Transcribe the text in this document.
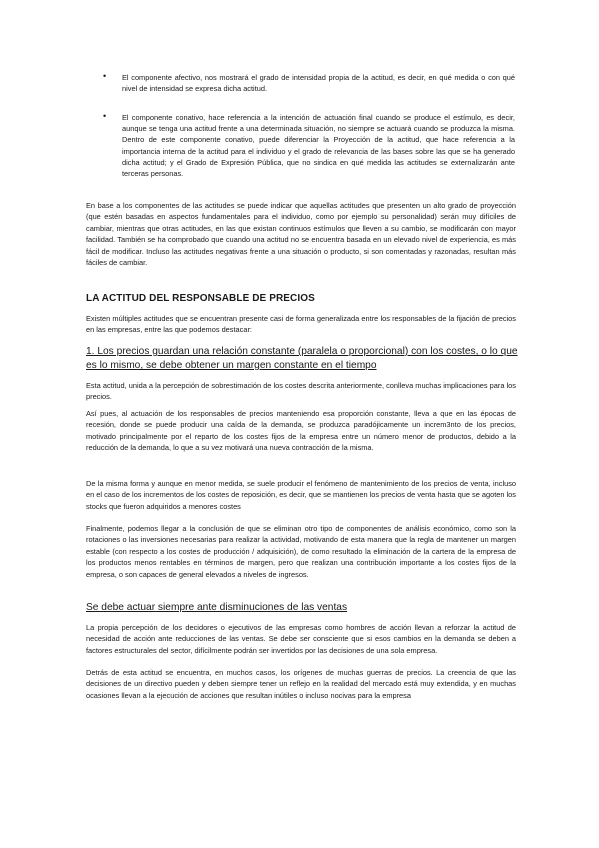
• El componente afectivo, nos mostrará el grado de intensidad propia de la actitud, es decir, en qué medida o con qué nivel de intensidad se expresa dicha actitud.
• El componente conativo, hace referencia a la intención de actuación final cuando se produce el estímulo, es decir, aunque se tenga una actitud frente a una determinada situación, no siempre se actuará cuando se produzca la misma. Dentro de este componente conativo, puede diferenciar la Proyección de la actitud, que hace referencia a la importancia interna de la actitud para el individuo y el grado de relevancia de las bases sobre las que se ha generado dicha actitud; y el Grado de Expresión Pública, que no sindica en qué medida las actitudes se externalizarán ante terceras personas.

En base a los componentes de las actitudes se puede indicar que aquellas actitudes que presenten un alto grado de proyección (que estén basadas en aspectos fundamentales para el individuo, como por ejemplo su personalidad) serán muy difíciles de cambiar, mientras que otras actitudes, en las que existan continuos estímulos que lleven a su cambio, se modificarán con mayor facilidad. También se ha comprobado que cuando una actitud no se encuentra basada en un elevado nivel de experiencia, es más fácil de modificar. Incluso las actitudes negativas frente a una situación o producto, si son comentadas y razonadas, resultan más fáciles de cambiar.

LA ACTITUD DEL RESPONSABLE DE PRECIOS

Existen múltiples actitudes que se encuentran presente casi de forma generalizada entre los responsables de la fijación de precios en las empresas, entre las que podemos destacar:

1. Los precios guardan una relación constante (paralela o proporcional) con los costes, o lo que es lo mismo, se debe obtener un margen constante en el tiempo

Esta actitud, unida a la percepción de sobrestimación de los costes descrita anteriormente, conlleva muchas implicaciones para los precios.

Así pues, al actuación de los responsables de precios manteniendo esa proporción constante, lleva a que en las épocas de recesión, donde se puede producir una caída de la demanda, se produzca paradójicamente un increm3nto de los precios, motivado principalmente por el reparto de los costes fijos de la empresa entre un número menor de productos, debido a la reducción de la demanda, lo que a su vez motivará una nueva contracción de la misma.

De la misma forma y aunque en menor medida, se suele producir el fenómeno de mantenimiento de los precios de venta, incluso en el caso de los incrementos de los costes de reposición, es decir, que se mantienen los precios de venta hasta que se agoten los stocks que fueron adquiridos a menores costes

Finalmente, podemos llegar a la conclusión de que se eliminan otro tipo de componentes de análisis económico, como son la rotaciones o las inversiones necesarias para realizar la actividad, motivando de esta manera que la regla de mantener un margen estable (con respecto a los costes de producción / adquisición), de como resultado la eliminación de la cartera de la empresa de los productos menos rentables en términos de margen, pero que realizan una contribución importante a los costes fijos de la empresa, o son capaces de general elevados a niveles de ingresos.

Se debe actuar siempre ante disminuciones de las ventas

La propia percepción de los decidores o ejecutivos de las empresas como hombres de acción llevan a reforzar la actitud de necesidad de acción ante reducciones de las ventas. Se debe ser consciente que si esos cambios en la demanda se deben a factores estructurales del sector, difícilmente podrán ser invertidos por las decisiones de una sola empresa.

Detrás de esta actitud se encuentra, en muchos casos, los orígenes de muchas guerras de precios. La creencia de que las decisiones de un directivo pueden y deben siempre tener un reflejo en la realidad del mercado está muy extendida, y en muchas ocasiones llevan a la ejecución de acciones que resultan inútiles o incluso nocivas para la empresa
